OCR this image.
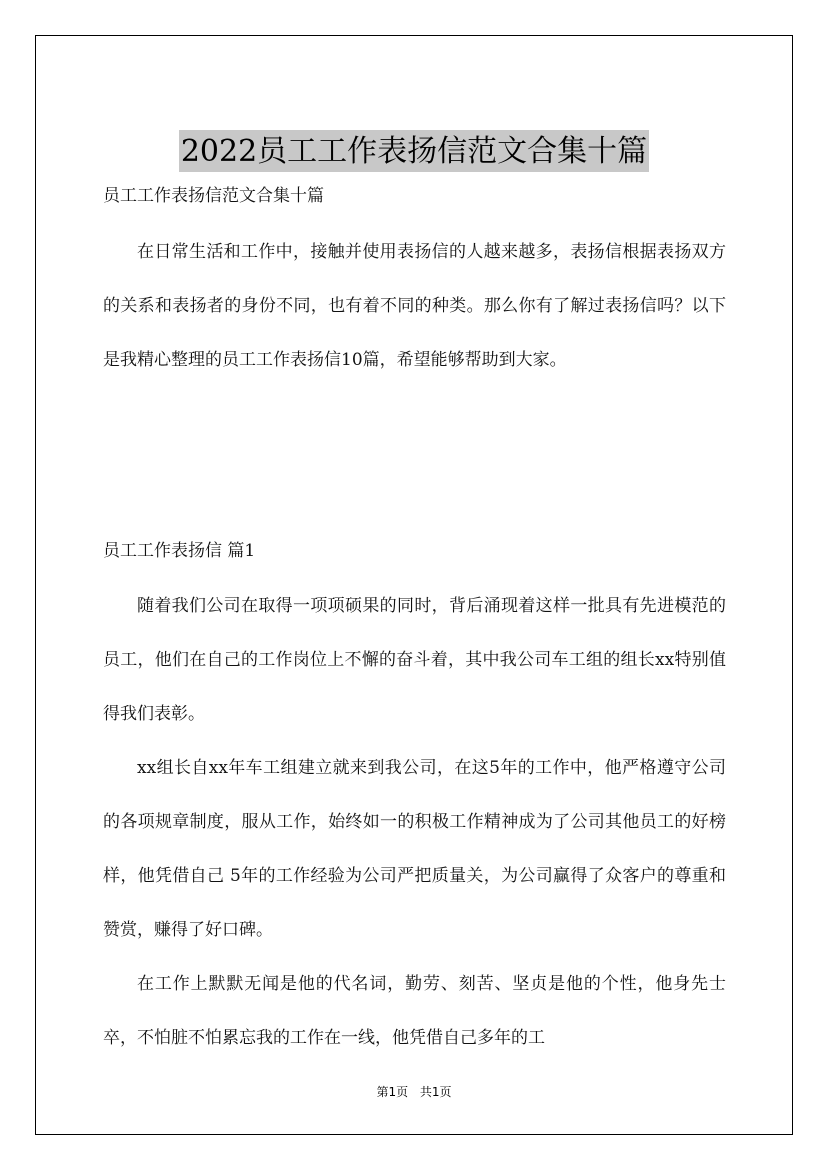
2022员工工作表扬信范文合集十篇
员工工作表扬信范文合集十篇

在日常生活和工作中，接触并使用表扬信的人越来越多，表扬信根据表扬双方的关系和表扬者的身份不同，也有着不同的种类。那么你有了解过表扬信吗？以下是我精心整理的员工工作表扬信10篇，希望能够帮助到大家。

员工工作表扬信 篇1

随着我们公司在取得一项项硕果的同时，背后涌现着这样一批具有先进模范的员工，他们在自己的工作岗位上不懈的奋斗着，其中我公司车工组的组长xx特别值得我们表彰。

xx组长自xx年车工组建立就来到我公司，在这5年的工作中，他严格遵守公司的各项规章制度，服从工作，始终如一的积极工作精神成为了公司其他员工的好榜样，他凭借自己 5年的工作经验为公司严把质量关，为公司赢得了众客户的尊重和赞赏，赚得了好口碑。

在工作上默默无闻是他的代名词，勤劳、刻苦、坚贞是他的个性，他身先士卒，不怕脏不怕累忘我的工作在一线，他凭借自己多年的工

第1页 共1页
